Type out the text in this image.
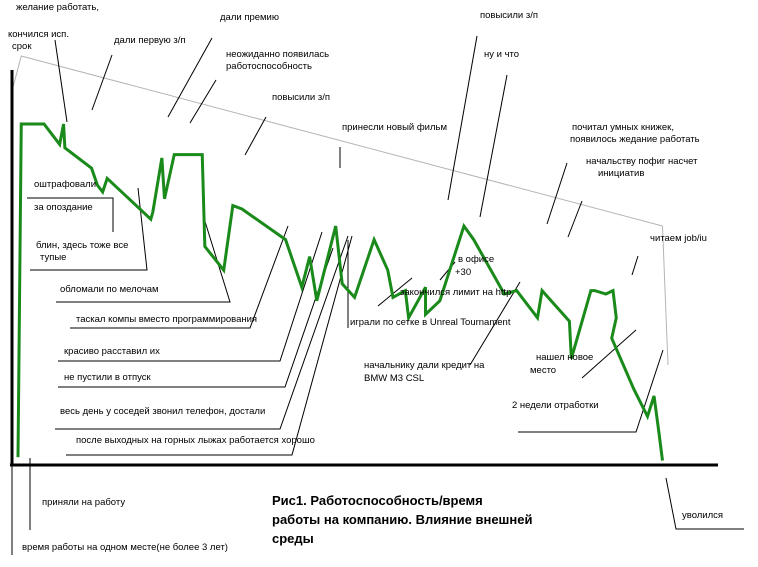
желание работать,
кончился исп.
срок
дали первую з/п
дали премию
неожиданно появилась
работоспособность
повысили з/п
принесли новый фильм
повысили з/п
ну и что
почитал умных книжек,
появилось жедание работать
начальству пофиг насчет
инициатив
читаем job/iu
оштрафовали
за опоздание
блин, здесь тоже все
тупые
обломали по мелочам
таскал компы вместо программирования
красиво расставил их
не пустили в отпуск
весь день у соседей звонил телефон, достали
после выходных на горных лыжах работается хорошо
в офисе
+30
закончился лимит на http
играли по сетке в Unreal Tournament
начальнику дали кредит на
BMW M3 CSL
нашел новое
место
2 недели отработки
уволился
приняли на работу
время работы на одном месте(не более 3 лет)
Рис1. Работоспособность/время
работы на компанию. Влияние внешней
среды
